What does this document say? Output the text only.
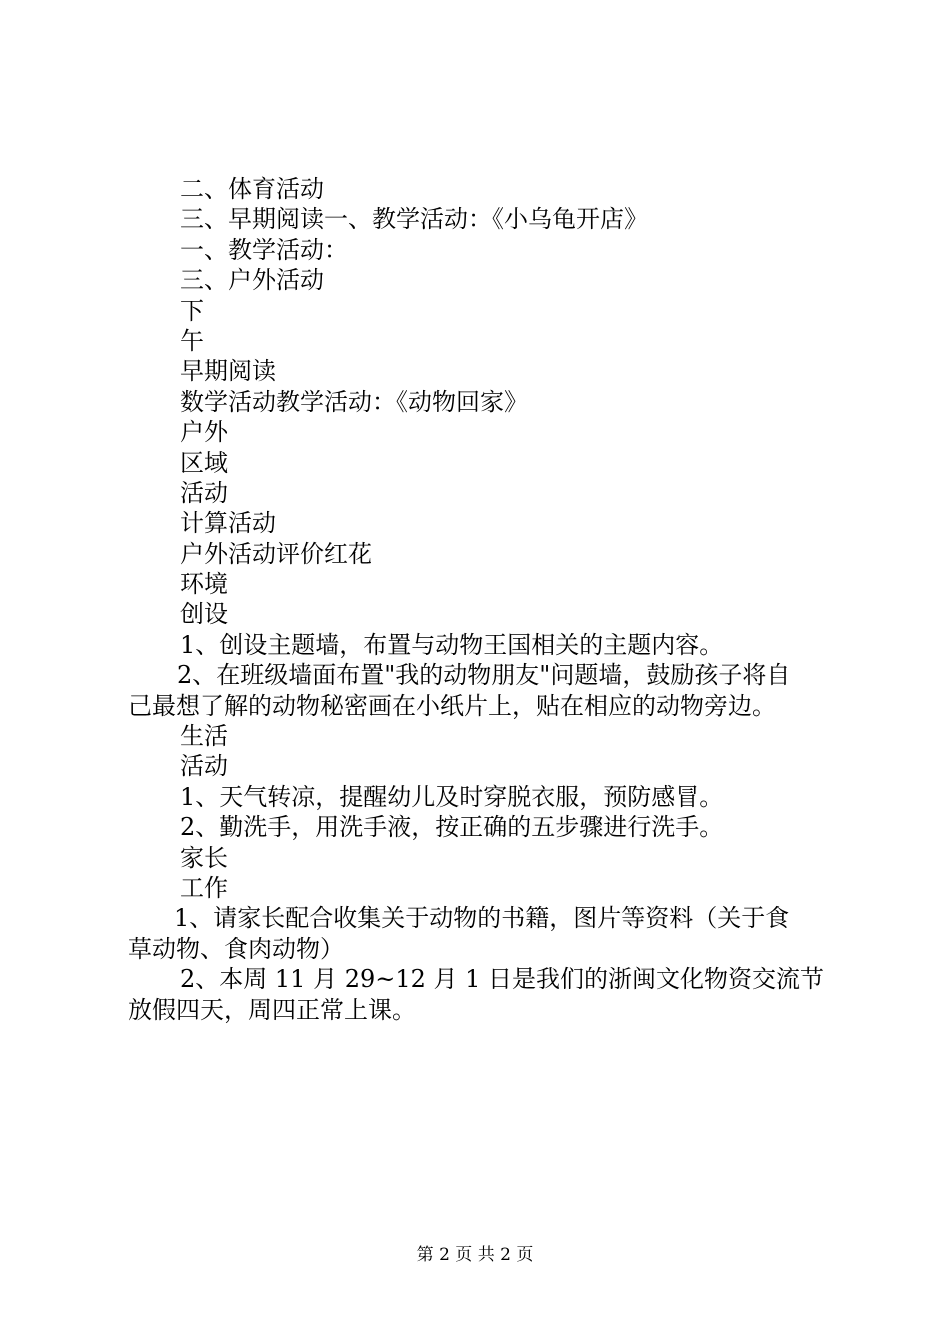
二、体育活动
三、早期阅读一、教学活动：《小乌龟开店》
一、教学活动：
三、户外活动
下
午
早期阅读
数学活动教学活动：《动物回家》
户外
区域
活动
计算活动
户外活动评价红花
环境
创设
1、创设主题墙，布置与动物王国相关的主题内容。
2、在班级墙面布置"我的动物朋友"问题墙，鼓励孩子将自
己最想了解的动物秘密画在小纸片上，贴在相应的动物旁边。
生活
活动
1、天气转凉，提醒幼儿及时穿脱衣服，预防感冒。
2、勤洗手，用洗手液，按正确的五步骤进行洗手。
家长
工作
1、请家长配合收集关于动物的书籍，图片等资料（关于食
草动物、食肉动物）
2、本周 11 月 29~12 月 1 日是我们的浙闽文化物资交流节
放假四天，周四正常上课。
第 2 页 共 2 页
